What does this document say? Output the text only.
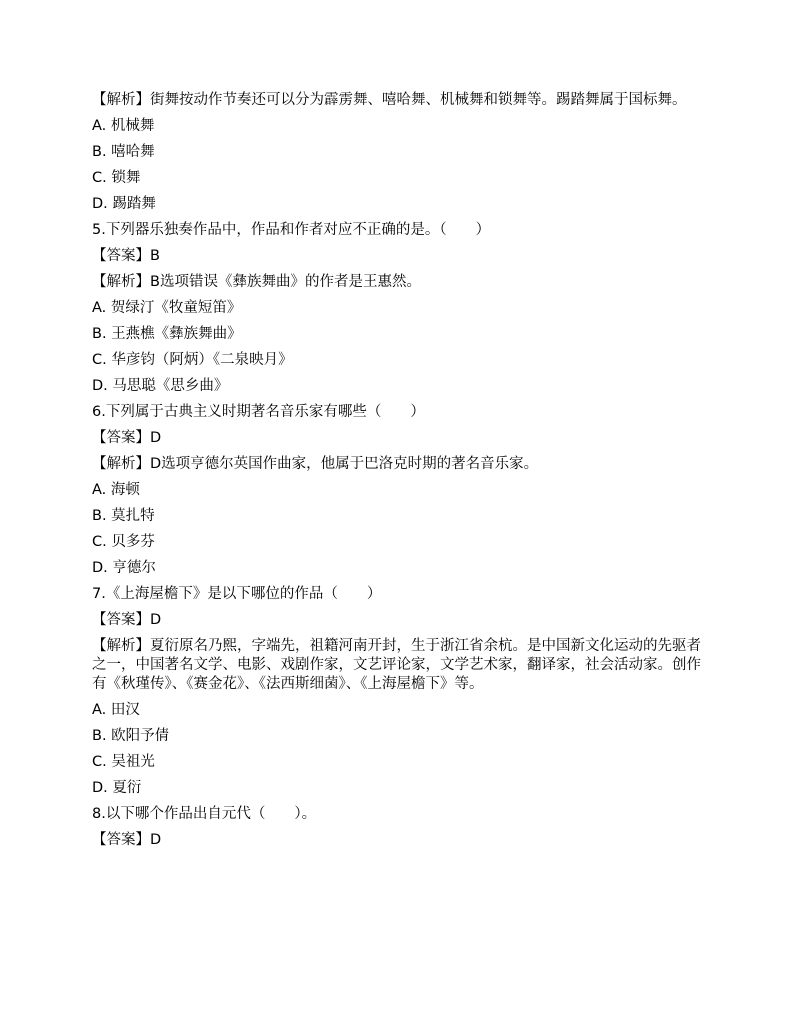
【解析】街舞按动作节奏还可以分为霹雳舞、嘻哈舞、机械舞和锁舞等。踢踏舞属于国标舞。
A. 机械舞
B. 嘻哈舞
C. 锁舞
D. 踢踏舞
5.下列器乐独奏作品中，作品和作者对应不正确的是。（　　）
【答案】B
【解析】B选项错误《彝族舞曲》的作者是王惠然。
A. 贺绿汀《牧童短笛》
B. 王燕樵《彝族舞曲》
C. 华彦钧（阿炳）《二泉映月》
D. 马思聪《思乡曲》
6.下列属于古典主义时期著名音乐家有哪些（　　）
【答案】D
【解析】D选项亨德尔英国作曲家，他属于巴洛克时期的著名音乐家。
A. 海顿
B. 莫扎特
C. 贝多芬
D. 亨德尔
7.《上海屋檐下》是以下哪位的作品（　　）
【答案】D
【解析】夏衍原名乃熙，字端先，祖籍河南开封，生于浙江省余杭。是中国新文化运动的先驱者之一，中国著名文学、电影、戏剧作家，文艺评论家，文学艺术家，翻译家，社会活动家。创作有《秋瑾传》、《赛金花》、《法西斯细菌》、《上海屋檐下》等。
A. 田汉
B. 欧阳予倩
C. 吴祖光
D. 夏衍
8.以下哪个作品出自元代（　　）。
【答案】D
